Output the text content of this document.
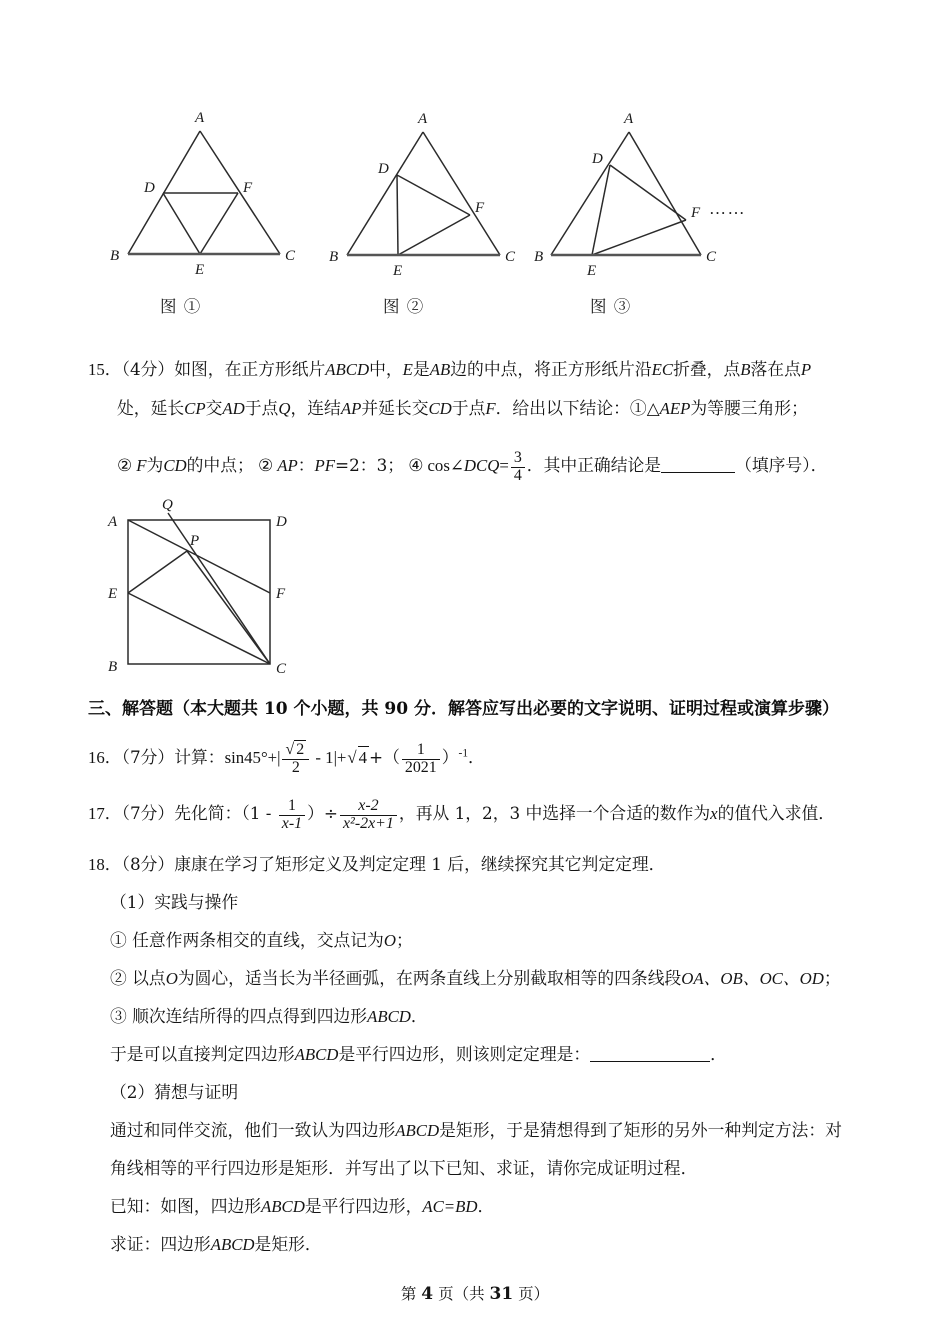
A
B	C
D
E
F
图 ①
A
B	C
D
E
F
图 ②
A
B	C
D
E
F ……
图 ③
15．（4分）如图，在正方形纸片ABCD中，E是AB边的中点，将正方形纸片沿EC折叠，点B落在点P
处，延长CP交AD于点Q，连结AP并延长交CD于点F．给出以下结论：①△AEP为等腰三角形；
② F为CD的中点； ② AP：PF=2：3； ④ cos∠DCQ= $\frac{3}{4}$ ．其中正确结论是	（填序号）．
A	D
B	C
E	F
P
Q
三、解答题（本大题共 10 个小题，共 90 分．解答应写出必要的文字说明、证明过程或演算步骤）
16．（7分）计算：$\sin 45^\circ+| \frac{√ 2}{2} - 1|+√$ 4 +（ $\frac{1}{2021} )^{-1}$．
17．（7分）先化简：（$1 - \frac{1}{x-1}$ ）÷ $\frac{x-2}{\text{x²-2x+1}}$ ，再从 1，2，3 中选择一个合适的数作为x的值代入求值．
18．（8分）康康在学习了矩形定义及判定定理 1 后，继续探究其它判定定理．
（1）实践与操作
① 任意作两条相交的直线，交点记为O；
② 以点O为圆心，适当长为半径画弧，在两条直线上分别截取相等的四条线段OA、OB、OC、OD；
③ 顺次连结所得的四点得到四边形ABCD．
于是可以直接判定四边形ABCD是平行四边形，则该则定定理是：	．
（2）猜想与证明
通过和同伴交流，他们一致认为四边形ABCD是矩形，于是猜想得到了矩形的另外一种判定方法：对
角线相等的平行四边形是矩形．并写出了以下已知、求证，请你完成证明过程．
已知：如图，四边形ABCD是平行四边形，AC=BD．
求证：四边形ABCD是矩形．
第 4 页（共 31 页）
